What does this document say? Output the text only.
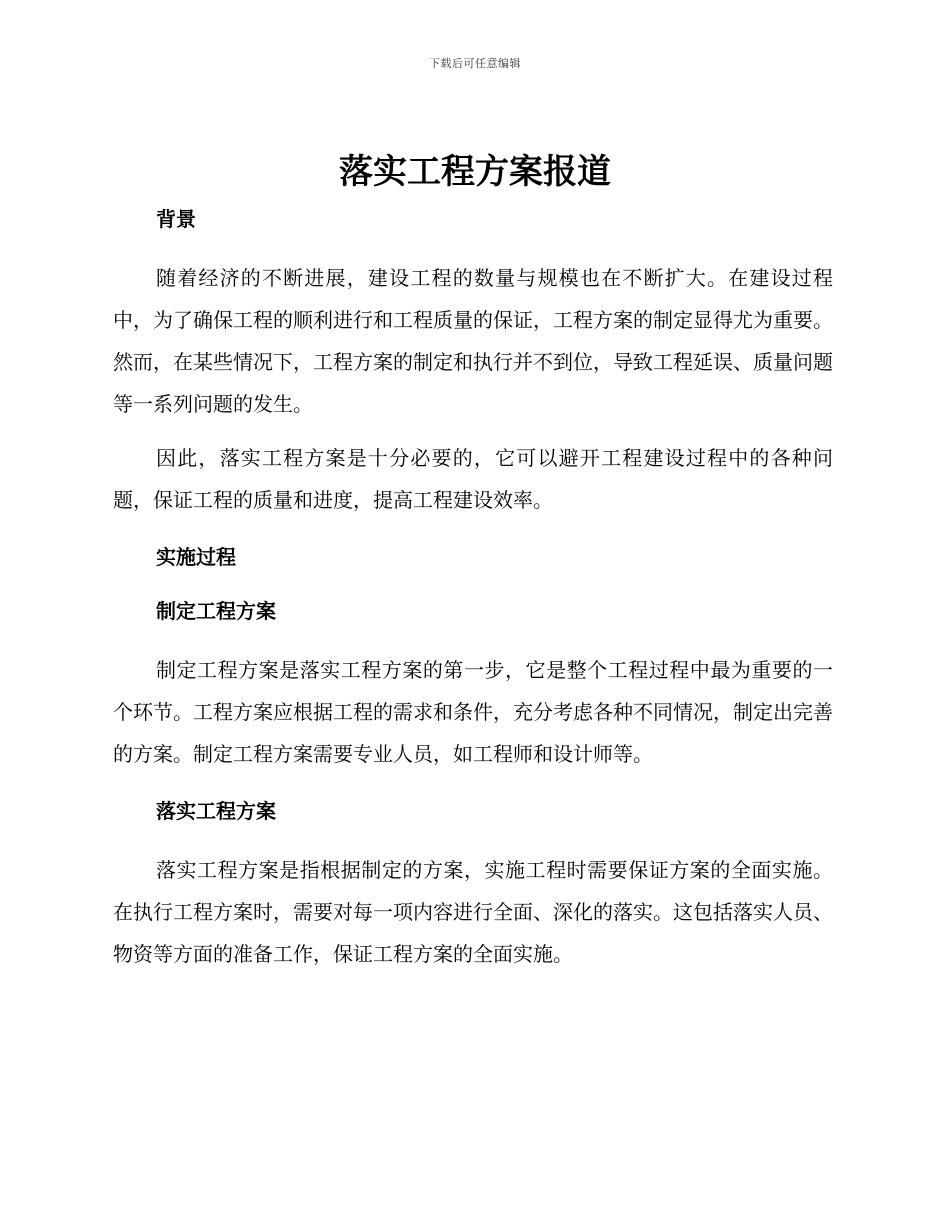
下载后可任意编辑
落实工程方案报道
背景

随着经济的不断进展，建设工程的数量与规模也在不断扩大。在建设过程中，为了确保工程的顺利进行和工程质量的保证，工程方案的制定显得尤为重要。然而，在某些情况下，工程方案的制定和执行并不到位，导致工程延误、质量问题等一系列问题的发生。

因此，落实工程方案是十分必要的，它可以避开工程建设过程中的各种问题，保证工程的质量和进度，提高工程建设效率。

实施过程
制定工程方案

制定工程方案是落实工程方案的第一步，它是整个工程过程中最为重要的一个环节。工程方案应根据工程的需求和条件，充分考虑各种不同情况，制定出完善的方案。制定工程方案需要专业人员，如工程师和设计师等。

落实工程方案

落实工程方案是指根据制定的方案，实施工程时需要保证方案的全面实施。在执行工程方案时，需要对每一项内容进行全面、深化的落实。这包括落实人员、物资等方面的准备工作，保证工程方案的全面实施。
